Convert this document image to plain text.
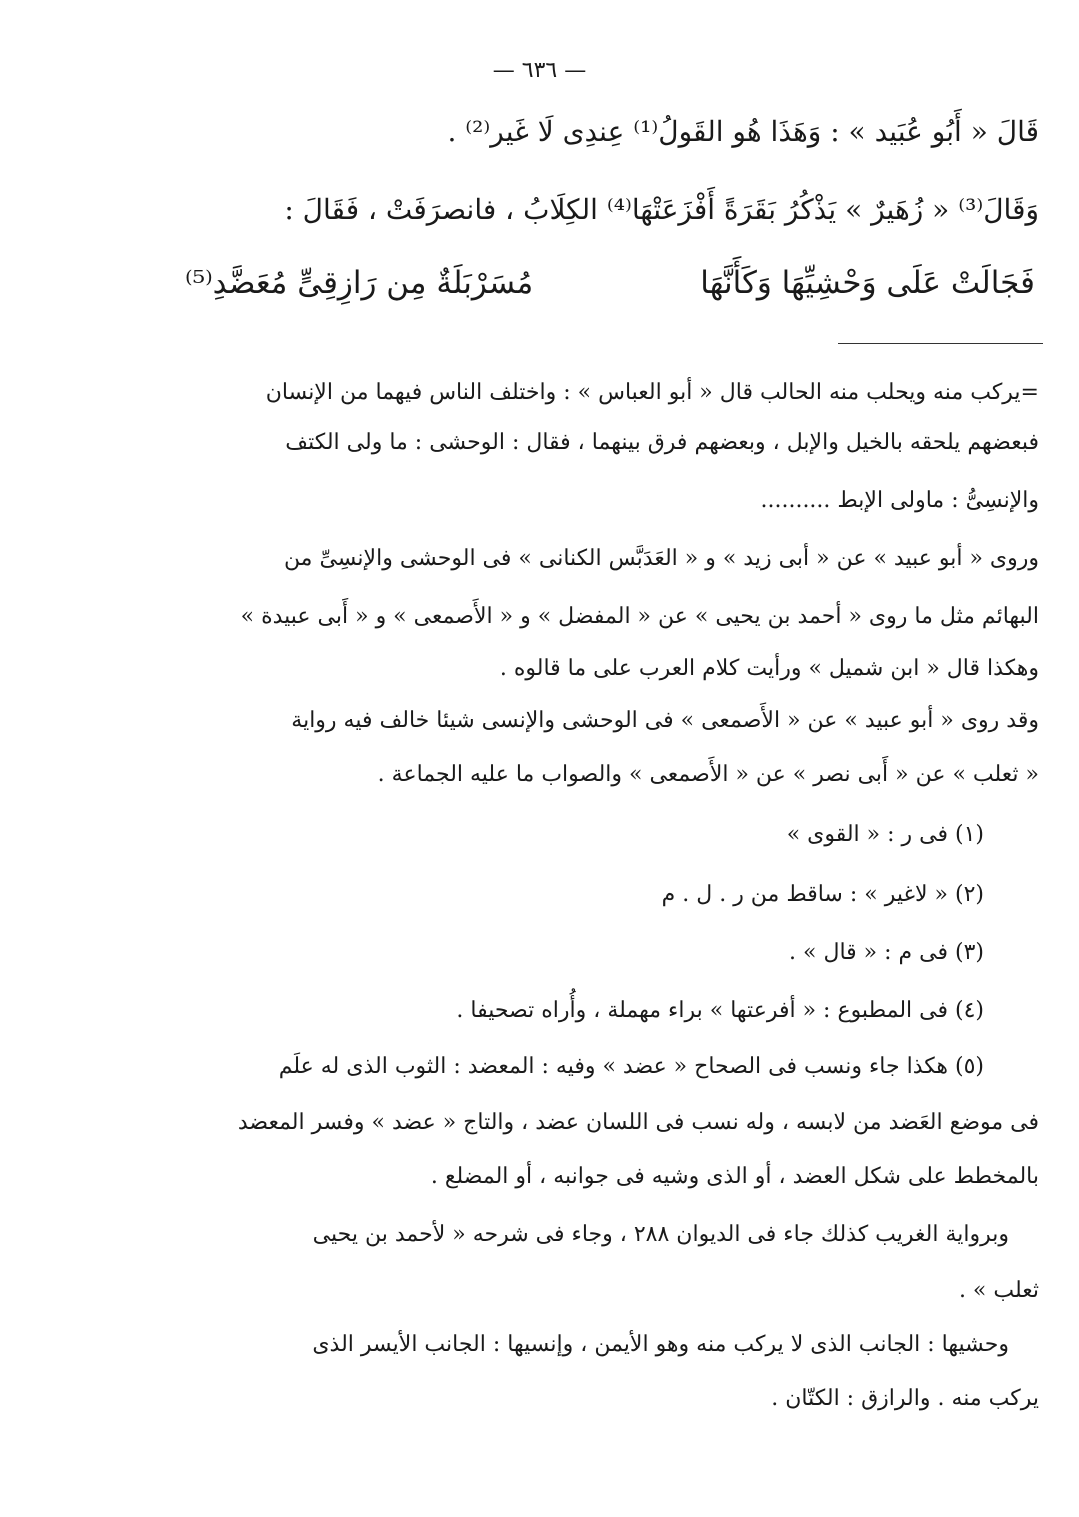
— ٦٣٦ —
قَالَ « أَبُو عُبَيد » : وَهَذَا هُو القَولُ⁽¹⁾ عِندِى لَا غَير⁽²⁾ .
وَقَالَ⁽³⁾ « زُهَيرٌ » يَذْكُرُ بَقَرَةً أَفْزَعَتْهَا⁽⁴⁾ الكِلَابُ ، فانصرَفَتْ ، فَقَالَ :
فَجَالَتْ عَلَى وَحْشِيِّهَا وَكَأَنَّهَا
مُسَرْبَلَةٌ مِن رَازِقِىٍّ مُعَضَّدِ⁽⁵⁾
=يركب منه ويحلب منه الحالب قال « أبو العباس » : واختلف الناس فيهما من الإنسان
فبعضهم يلحقه بالخيل والإبل ، وبعضهم فرق بينهما ، فقال : الوحشى : ما ولى الكتف
والإنسِىُّ : ماولى الإبط ..........
وروى « أبو عبيد » عن « أبى زيد » و « العَدَبَّس الكنانى » فى الوحشى والإنسِىِّ من
البهائم مثل ما روى « أحمد بن يحيى » عن « المفضل » و « الأَصمعى » و « أَبى عبيدة »
وهكذا قال « ابن شميل » ورأيت كلام العرب على ما قالوه .
وقد روى « أبو عبيد » عن « الأَصمعى » فى الوحشى والإنسى شيئا خالف فيه رواية
« ثعلب » عن « أَبى نصر » عن « الأَصمعى » والصواب ما عليه الجماعة .
(١) فى ر : « القوى »
(٢) « لاغير » : ساقط من ر . ل . م
(٣) فى م : « قال » .
(٤) فى المطبوع : « أفرعتها » براء مهملة ، وأُراه تصحيفا .
(٥) هكذا جاء ونسب فى الصحاح « عضد » وفيه : المعضد : الثوب الذى له علَم
فى موضع العَضد من لابسه ، وله نسب فى اللسان عضد ، والتاج « عضد » وفسر المعضد
بالمخطط على شكل العضد ، أو الذى وشيه فى جوانبه ، أو المضلع .
وبرواية الغريب كذلك جاء فى الديوان ٢٨٨ ، وجاء فى شرحه « لأحمد بن يحيى
ثعلب » .
وحشيها : الجانب الذى لا يركب منه وهو الأيمن ، وإنسيها : الجانب الأيسر الذى
يركب منه . والرازق : الكتّان .
